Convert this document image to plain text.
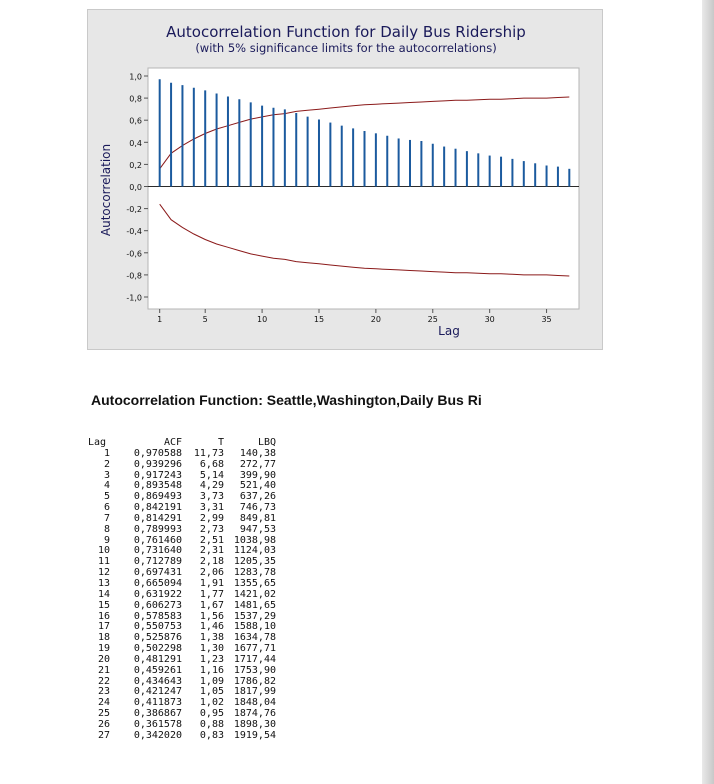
Autocorrelation Function for Daily Bus Ridership
(with 5% significance limits for the autocorrelations)
1,0
0,8
0,6
0,4
0,2
0,0
-0,2
-0,4
-0,6
-0,8
-1,0
1	5	10	15	20	25	30	35
Lag
Autocorrelation
Autocorrelation Function: Seattle,Washington,Daily Bus Ri
Lag	ACF	T	LBQ
1	0,970588	11,73	140,38
2	0,939296	6,68	272,77
3	0,917243	5,14	399,90
4	0,893548	4,29	521,40
5	0,869493	3,73	637,26
6	0,842191	3,31	746,73
7	0,814291	2,99	849,81
8	0,789993	2,73	947,53
9	0,761460	2,51	1038,98
10	0,731640	2,31	1124,03
11	0,712789	2,18	1205,35
12	0,697431	2,06	1283,78
13	0,665094	1,91	1355,65
14	0,631922	1,77	1421,02
15	0,606273	1,67	1481,65
16	0,578583	1,56	1537,29
17	0,550753	1,46	1588,10
18	0,525876	1,38	1634,78
19	0,502298	1,30	1677,71
20	0,481291	1,23	1717,44
21	0,459261	1,16	1753,90
22	0,434643	1,09	1786,82
23	0,421247	1,05	1817,99
24	0,411873	1,02	1848,04
25	0,386867	0,95	1874,76
26	0,361578	0,88	1898,30
27	0,342020	0,83	1919,54
